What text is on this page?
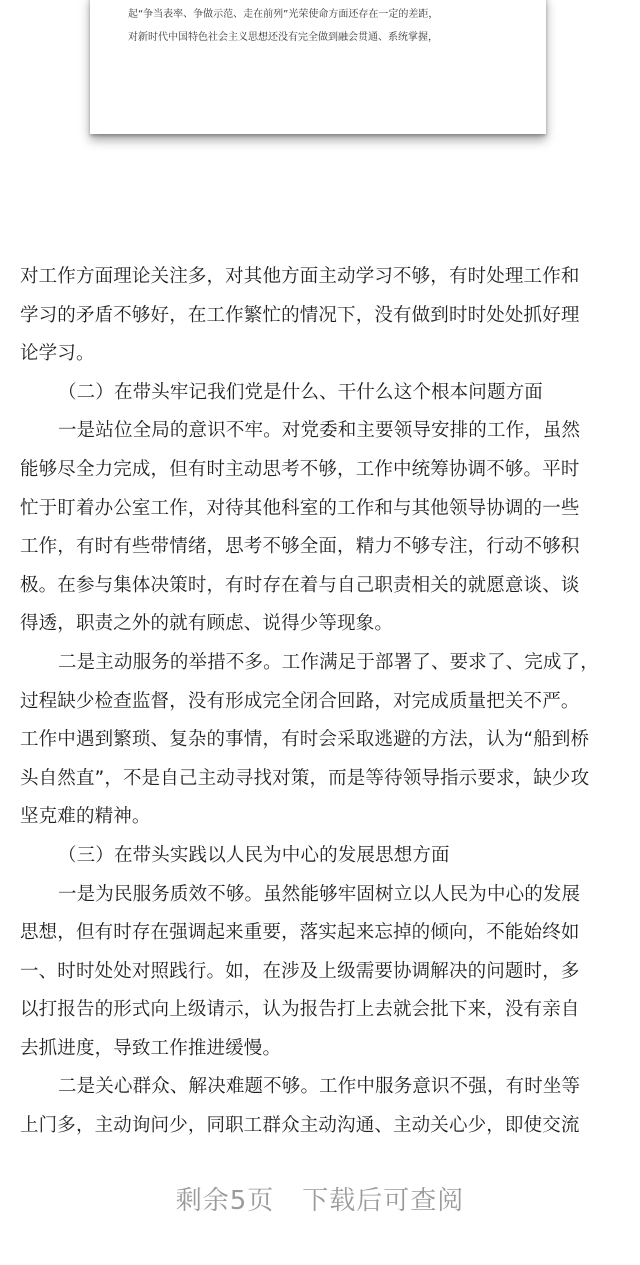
起“争当表率、争做示范、走在前列”光荣使命方面还存在一定的差距，
对新时代中国特色社会主义思想还没有完全做到融会贯通、系统掌握，

对工作方面理论关注多，对其他方面主动学习不够，有时处理工作和

学习的矛盾不够好，在工作繁忙的情况下，没有做到时时处处抓好理

论学习。

（二）在带头牢记我们党是什么、干什么这个根本问题方面

一是站位全局的意识不牢。对党委和主要领导安排的工作，虽然

能够尽全力完成，但有时主动思考不够，工作中统筹协调不够。平时

忙于盯着办公室工作，对待其他科室的工作和与其他领导协调的一些

工作，有时有些带情绪，思考不够全面，精力不够专注，行动不够积

极。在参与集体决策时，有时存在着与自己职责相关的就愿意谈、谈

得透，职责之外的就有顾虑、说得少等现象。

二是主动服务的举措不多。工作满足于部署了、要求了、完成了，

过程缺少检查监督，没有形成完全闭合回路，对完成质量把关不严。

工作中遇到繁琐、复杂的事情，有时会采取逃避的方法，认为“船到桥

头自然直”，不是自己主动寻找对策，而是等待领导指示要求，缺少攻

坚克难的精神。

（三）在带头实践以人民为中心的发展思想方面

一是为民服务质效不够。虽然能够牢固树立以人民为中心的发展

思想，但有时存在强调起来重要，落实起来忘掉的倾向，不能始终如

一、时时处处对照践行。如，在涉及上级需要协调解决的问题时，多

以打报告的形式向上级请示，认为报告打上去就会批下来，没有亲自

去抓进度，导致工作推进缓慢。

二是关心群众、解决难题不够。工作中服务意识不强，有时坐等

上门多，主动询问少，同职工群众主动沟通、主动关心少，即使交流

剩余5页 下载后可查阅
